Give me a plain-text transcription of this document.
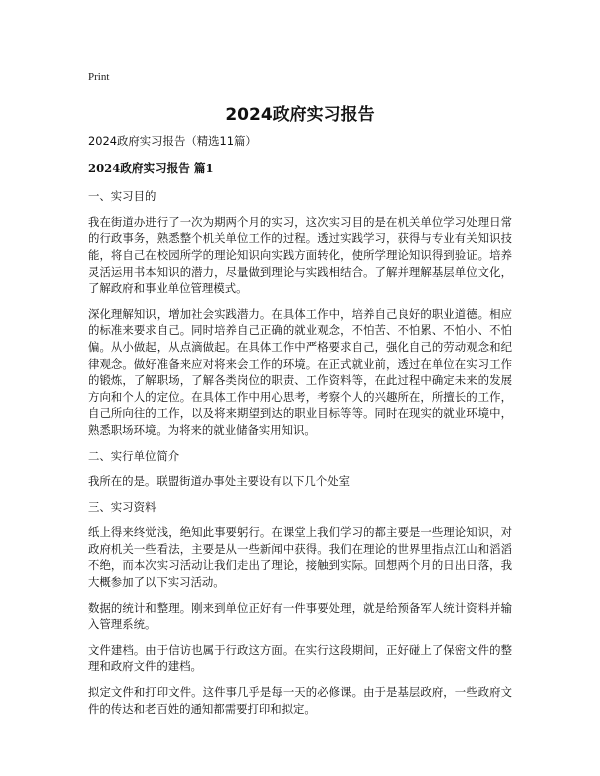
Print
2024政府实习报告

2024政府实习报告（精选11篇）

2024政府实习报告 篇1

一、实习目的

我在街道办进行了一次为期两个月的实习，这次实习目的是在机关单位学习处理日常的行政事务，熟悉整个机关单位工作的过程。透过实践学习，获得与专业有关知识技能，将自己在校园所学的理论知识向实践方面转化，使所学理论知识得到验证。培养灵活运用书本知识的潜力，尽量做到理论与实践相结合。了解并理解基层单位文化，了解政府和事业单位管理模式。

深化理解知识，增加社会实践潜力。在具体工作中，培养自己良好的职业道德。相应的标准来要求自己。同时培养自己正确的就业观念，不怕苦、不怕累、不怕小、不怕偏。从小做起，从点滴做起。在具体工作中严格要求自己，强化自己的劳动观念和纪律观念。做好准备来应对将来会工作的环境。在正式就业前，透过在单位在实习工作的锻炼，了解职场，了解各类岗位的职责、工作资料等，在此过程中确定未来的发展方向和个人的定位。在具体工作中用心思考，考察个人的兴趣所在，所擅长的工作，自己所向往的工作，以及将来期望到达的职业目标等等。同时在现实的就业环境中，熟悉职场环境。为将来的就业储备实用知识。

二、实行单位简介

我所在的是。联盟街道办事处主要设有以下几个处室

三、实习资料

纸上得来终觉浅，绝知此事要躬行。在课堂上我们学习的都主要是一些理论知识，对政府机关一些看法，主要是从一些新闻中获得。我们在理论的世界里指点江山和滔滔不绝，而本次实习活动让我们走出了理论，接触到实际。回想两个月的日出日落，我大概参加了以下实习活动。

数据的统计和整理。刚来到单位正好有一件事要处理，就是给预备军人统计资料并输入管理系统。

文件建档。由于信访也属于行政这方面。在实行这段期间，正好碰上了保密文件的整理和政府文件的建档。

拟定文件和打印文件。这件事几乎是每一天的必修课。由于是基层政府，一些政府文件的传达和老百姓的通知都需要打印和拟定。
